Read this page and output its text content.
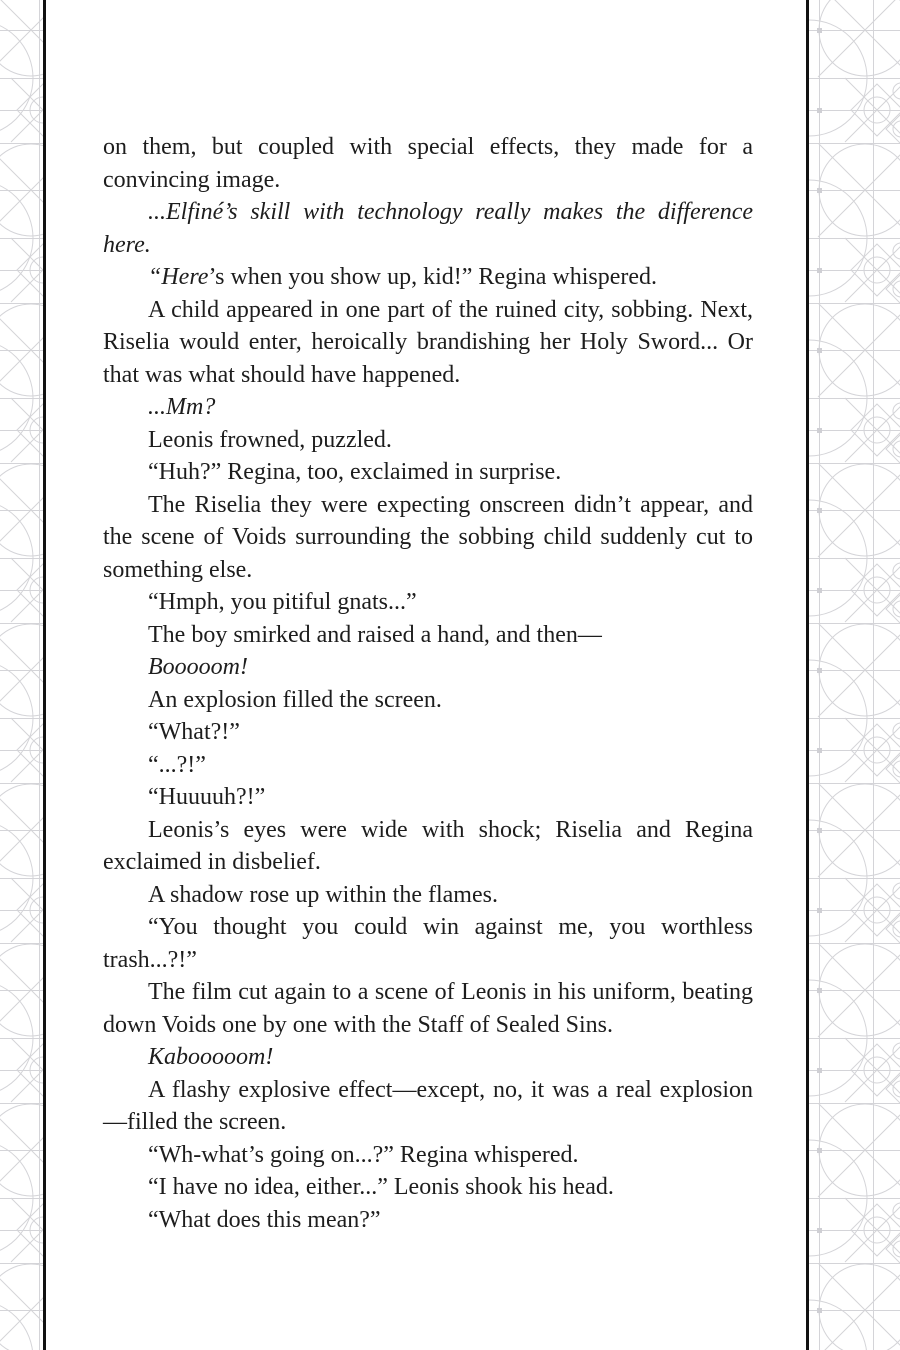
on them, but coupled with special effects, they made for a convincing image.

...Elfiné’s skill with technology really makes the difference here.

“Here’s when you show up, kid!” Regina whispered.

A child appeared in one part of the ruined city, sobbing. Next, Riselia would enter, heroically brandishing her Holy Sword... Or that was what should have happened.

...Mm?

Leonis frowned, puzzled.

“Huh?” Regina, too, exclaimed in surprise.

The Riselia they were expecting onscreen didn’t appear, and the scene of Voids surrounding the sobbing child suddenly cut to something else.

“Hmph, you pitiful gnats...”

The boy smirked and raised a hand, and then—

Booooom!

An explosion filled the screen.

“What?!”

“...?!”

“Huuuuh?!”

Leonis’s eyes were wide with shock; Riselia and Regina exclaimed in disbelief.

A shadow rose up within the flames.

“You thought you could win against me, you worthless trash...?!”

The film cut again to a scene of Leonis in his uniform, beating down Voids one by one with the Staff of Sealed Sins.

Kabooooom!

A flashy explosive effect—except, no, it was a real explosion—filled the screen.

“Wh-what’s going on...?” Regina whispered.

“I have no idea, either...” Leonis shook his head.

“What does this mean?”
